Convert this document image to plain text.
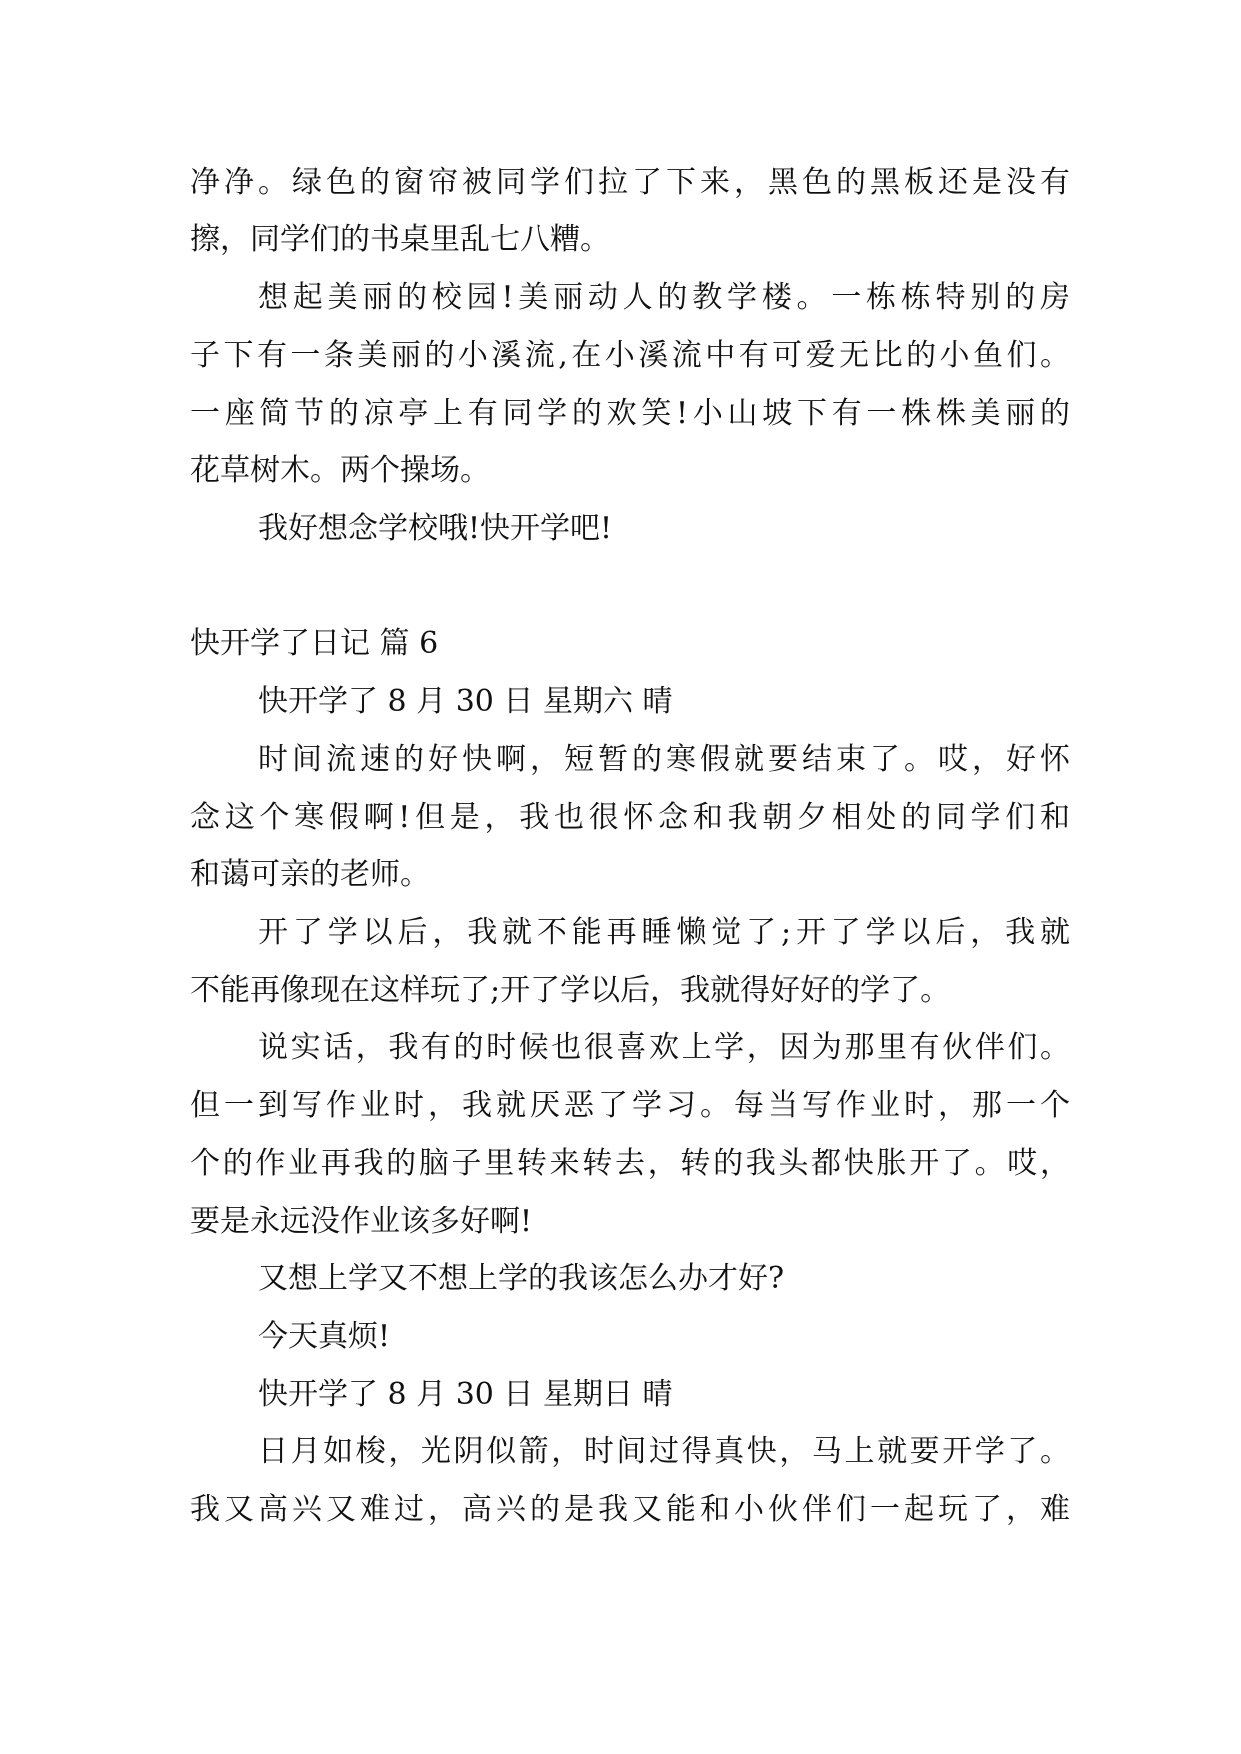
净净。绿色的窗帘被同学们拉了下来，黑色的黑板还是没有
擦，同学们的书桌里乱七八糟。
想起美丽的校园!美丽动人的教学楼。一栋栋特别的房
子下有一条美丽的小溪流,在小溪流中有可爱无比的小鱼们。
一座简节的凉亭上有同学的欢笑!小山坡下有一株株美丽的
花草树木。两个操场。
我好想念学校哦!快开学吧!
快开学了日记 篇 6
快开学了 8 月 30 日 星期六 晴
时间流速的好快啊，短暂的寒假就要结束了。哎，好怀
念这个寒假啊!但是，我也很怀念和我朝夕相处的同学们和
和蔼可亲的老师。
开了学以后，我就不能再睡懒觉了;开了学以后，我就
不能再像现在这样玩了;开了学以后，我就得好好的学了。
说实话，我有的时候也很喜欢上学，因为那里有伙伴们。
但一到写作业时，我就厌恶了学习。每当写作业时，那一个
个的作业再我的脑子里转来转去，转的我头都快胀开了。哎，
要是永远没作业该多好啊!
又想上学又不想上学的我该怎么办才好?
今天真烦!
快开学了 8 月 30 日 星期日 晴
日月如梭，光阴似箭，时间过得真快，马上就要开学了。
我又高兴又难过，高兴的是我又能和小伙伴们一起玩了，难
